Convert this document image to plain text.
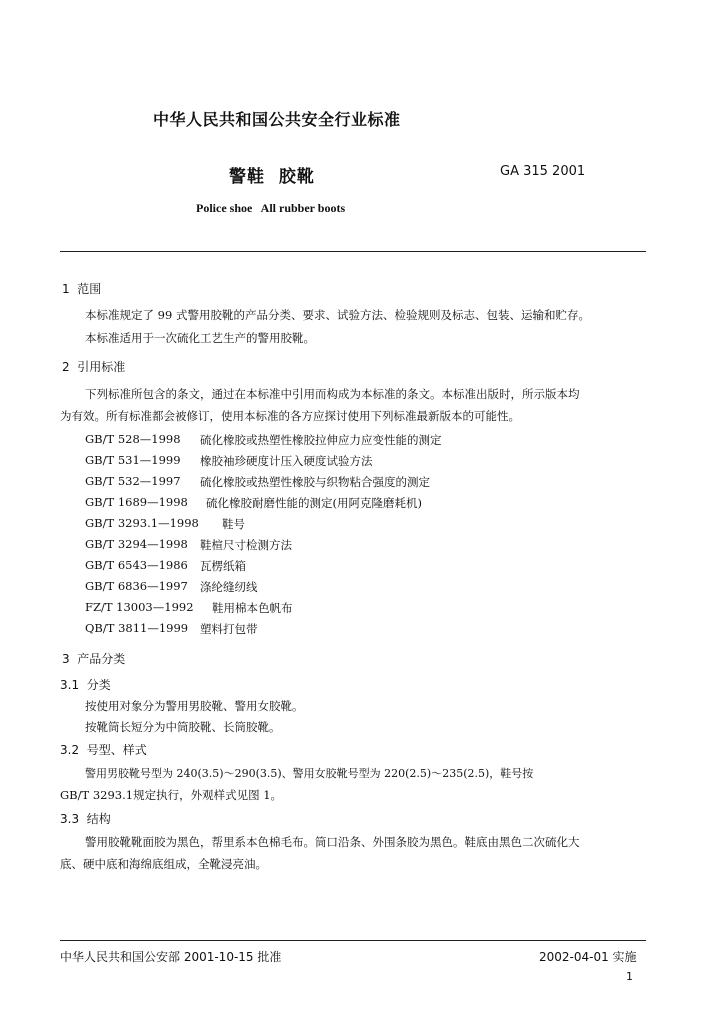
中华人民共和国公共安全行业标准
警鞋  胶靴	GA 315 2001
Police shoe   All rubber boots
1  范围
本标准规定了 99 式警用胶靴的产品分类、要求、试验方法、检验规则及标志、包装、运输和贮存。
本标准适用于一次硫化工艺生产的警用胶靴。
2  引用标准
下列标准所包含的条文，通过在本标准中引用而构成为本标准的条文。本标准出版时，所示版本均
为有效。所有标准都会被修订，使用本标准的各方应探讨使用下列标准最新版本的可能性。
GB/T 528—1998 硫化橡胶或热塑性橡胶拉伸应力应变性能的测定
GB/T 531—1999 橡胶袖珍硬度计压入硬度试验方法
GB/T 532—1997 硫化橡胶或热塑性橡胶与织物粘合强度的测定
GB/T 1689—1998 硫化橡胶耐磨性能的测定(用阿克隆磨耗机)
GB/T 3293.1—1998 鞋号
GB/T 3294—1998 鞋楦尺寸检测方法
GB/T 6543—1986 瓦楞纸箱
GB/T 6836—1997 涤纶缝纫线
FZ/T 13003—1992 鞋用棉本色帆布
QB/T 3811—1999 塑料打包带
3  产品分类
3.1  分类
按使用对象分为警用男胶靴、警用女胶靴。
按靴筒长短分为中筒胶靴、长筒胶靴。
3.2  号型、样式
警用男胶靴号型为 240(3.5)～290(3.5)、警用女胶靴号型为 220(2.5)～235(2.5)，鞋号按
GB/T 3293.1规定执行，外观样式见图 1。
3.3  结构
警用胶靴靴面胶为黑色，帮里系本色棉毛布。筒口沿条、外围条胶为黑色。鞋底由黑色二次硫化大
底、硬中底和海绵底组成，全靴浸亮油。
中华人民共和国公安部 2001-10-15 批准	2002-04-01 实施
1
